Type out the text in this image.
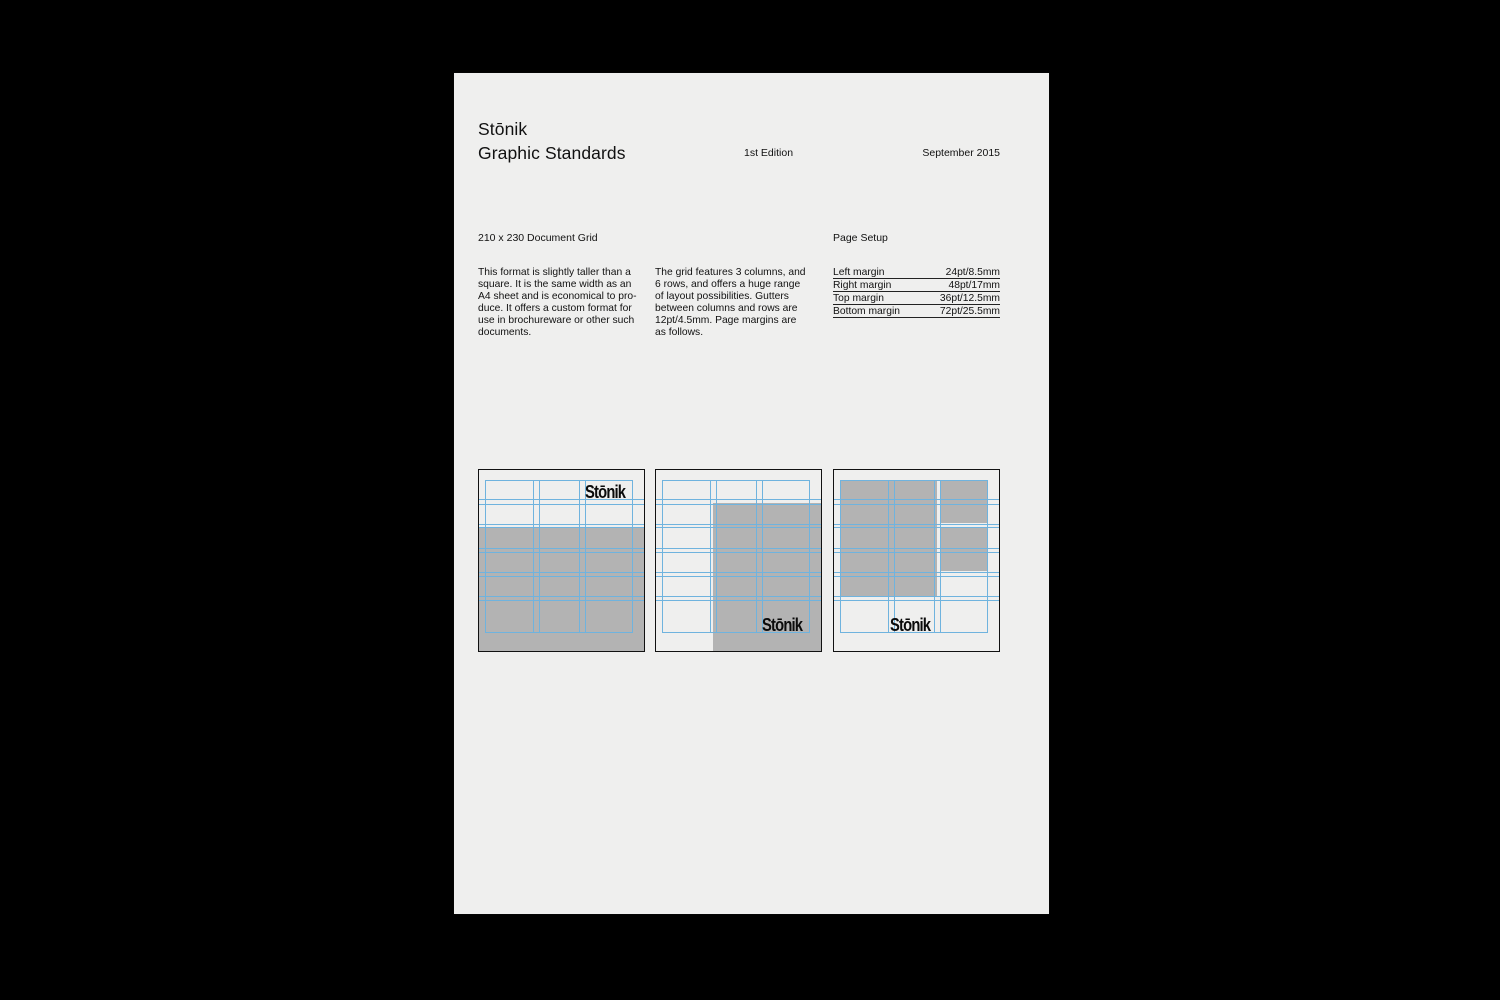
Stōnik
Graphic Standards	1st Edition	September 2015
210 x 230 Document Grid	Page Setup
This format is slightly taller than a
square. It is the same width as an
A4 sheet and is economical to pro-
duce. It offers a custom format for
use in brochureware or other such
documents.
The grid features 3 columns, and
6 rows, and offers a huge range
of layout possibilities. Gutters
between columns and rows are
12pt/4.5mm. Page margins are
as follows.
Left margin	24pt/8.5mm
Right margin	48pt/17mm
Top margin	36pt/12.5mm
Bottom margin	72pt/25.5mm
Stōnik
Stōnik	Stōnik
